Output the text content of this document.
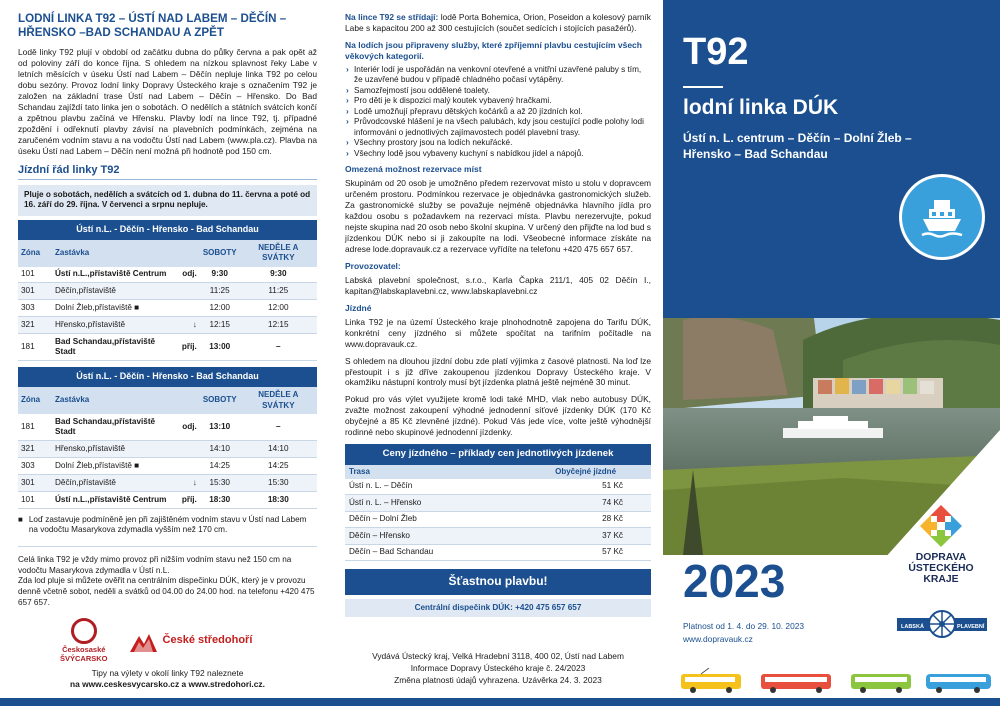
LODNÍ LINKA T92 – ÚSTÍ NAD LABEM – DĚČÍN – HŘENSKO –BAD SCHANDAU A ZPĚT
Lodě linky T92 plují v období od začátku dubna do půlky června a pak opět až od poloviny září do konce října. S ohledem na nízkou splavnost řeky Labe v letních měsících v úseku Ústí nad Labem – Děčín nepluje linka T92 po celou dobu sezóny. Provoz lodní linky Dopravy Ústeckého kraje s označením T92 je založen na základní trase Ústí nad Labem – Děčín – Hřensko. Do Bad Schandau zajíždí tato linka jen o sobotách. O nedělích a státních svátcích končí a zpětnou plavbu začíná ve Hřensku. Plavby lodí na lince T92, tj. případné zpoždění i odřeknutí plavby závisí na plavebních podmínkách, zejména na zaručeném vodním stavu a na vodočtu Ústí nad Labem (www.pla.cz). Plavba na úseku Ústí nad Labem – Děčín není možná při hodnotě pod 150 cm.
Jízdní řád linky T92
Pluje o sobotách, nedělích a svátcích od 1. dubna do 11. června a poté od 16. září do 29. října. V červenci a srpnu nepluje.
Ústí n.L. - Děčín - Hřensko - Bad Schandau				
Zóna	Zastávka		SOBOTY	NEDĚLE A SVÁTKY
101	Ústí n.L.,přístaviště Centrum	odj.	9:30	9:30
301	Děčín,přístaviště		11:25	11:25
303	Dolní Žleb,přístaviště ■		12:00	12:00
321	Hřensko,přístaviště	↓	12:15	12:15
181	Bad Schandau,přístaviště Stadt	příj.	13:00	–
Ústí n.L. - Děčín - Hřensko - Bad Schandau				
Zóna	Zastávka		SOBOTY	NEDĚLE A SVÁTKY
181	Bad Schandau,přístaviště Stadt	odj.	13:10	–
321	Hřensko,přístaviště		14:10	14:10
303	Dolní Žleb,přístaviště ■		14:25	14:25
301	Děčín,přístaviště	↓	15:30	15:30
101	Ústí n.L.,přístaviště Centrum	příj.	18:30	18:30
■ Loď zastavuje podmíněně jen při zajištěném vodním stavu v Ústí nad Labem na vodočtu Masarykova zdymadla vyšším než 170 cm.
Celá linka T92 je vždy mimo provoz při nižším vodním stavu než 150 cm na vodočtu Masarykova zdymadla v Ústí n.L.
Zda lod pluje si můžete ověřit na centrálním dispečinku DÚK, který je v provozu denně včetně sobot, neděli a svátků od 04.00 do 24.00 hod. na telefonu +420 475 657 657.
Českosaské
ŠVÝCARSKO
České středohoří
Tipy na výlety v okolí linky T92 naleznete
na www.ceskesvycarsko.cz a www.stredohori.cz.
Na lince T92 se střídají: lodě Porta Bohemica, Orion, Poseidon a kolesový parník Labe s kapacitou 200 až 300 cestujících (součet sedících i stojících pasažérů).
Na lodích jsou připraveny služby, které zpříjemní plavbu cestujícím všech věkových kategorií.
› Interiér lodí je uspořádán na venkovní otevřené a vnitřní uzavřené paluby s tím, že uzavřené budou v případě chladného počasí vytápěny.
› Samozřejmostí jsou oddělené toalety.
› Pro děti je k dispozici malý koutek vybavený hračkami.
› Lodě umožňují přepravu dětských kočárků a až 20 jízdních kol.
› Průvodcovské hlášení je na všech palubách, kdy jsou cestující podle polohy lodi informováni o jednotlivých zajímavostech podél plavební trasy.
› Všechny prostory jsou na lodích nekuřácké.
› Všechny lodě jsou vybaveny kuchyní s nabídkou jídel a nápojů.
Omezená možnost rezervace míst
Skupinám od 20 osob je umožněno předem rezervovat místo u stolu v dopravcem určeném prostoru. Podmínkou rezervace je objednávka gastronomických služeb. Za gastronomické služby se považuje nejméně objednávka hlavního jídla pro každou osobu s požadavkem na rezervaci místa. Plavbu nerezervujte, pokud nejste skupina nad 20 osob nebo školní skupina. V určený den přijďte na lod bud s jízdenkou DÚK nebo si ji zakoupíte na lodi. Všeobecné informace získáte na adrese lode.dopravauk.cz a rezervace vyřídíte na telefonu +420 475 657 657.
Provozovatel:
Labská plavební společnost, s.r.o., Karla Čapka 211/1, 405 02 Děčín I., kapitan@labskaplavebni.cz, www.labskaplavebni.cz
Jízdné
Linka T92 je na území Ústeckého kraje plnohodnotně zapojena do Tarifu DÚK, konkrétní ceny jízdného si můžete spočítat na tarifním počítadle na www.dopravauk.cz.
S ohledem na dlouhou jízdní dobu zde platí výjimka z časové platnosti. Na loď lze přestoupit i s již dříve zakoupenou jízdenkou Dopravy Ústeckého kraje. V okamžiku nástupní kontroly musí být jízdenka platná ještě nejméně 30 minut.
Pokud pro vás výlet využijete kromě lodi také MHD, vlak nebo autobusy DÚK, zvažte možnost zakoupení výhodné jednodenní síťové jízdenky DÚK (170 Kč obyčejné a 85 Kč zlevněné jízdné). Pokud Vás jede více, volte ještě výhodnější rodinné nebo skupinové jednodenní jízdenky.
Ceny jízdného – příklady cen jednotlivých jízdenek	
Trasa	Obyčejné jízdné
Ústí n. L. – Děčín	51 Kč
Ústí n. L. – Hřensko	74 Kč
Děčín – Dolní Žleb	28 Kč
Děčín – Hřensko	37 Kč
Děčín – Bad Schandau	57 Kč
Šťastnou plavbu!
Centrální dispečink DÚK: +420 475 657 657
Vydává Ústecký kraj, Velká Hradební 3118, 400 02, Ústí nad Labem
Informace Dopravy Ústeckého kraje č. 24/2023
Změna platnosti údajů vyhrazena. Uzávěrka 24. 3. 2023
T92
lodní linka DÚK
Ústí n. L. centrum – Děčín – Dolní Žleb – Hřensko – Bad Schandau
DOPRAVA
ÚSTECKÉHO
KRAJE
2023
Platnost od 1. 4. do 29. 10. 2023
www.dopravauk.cz
LABSKÁ	PLAVEBNÍ
